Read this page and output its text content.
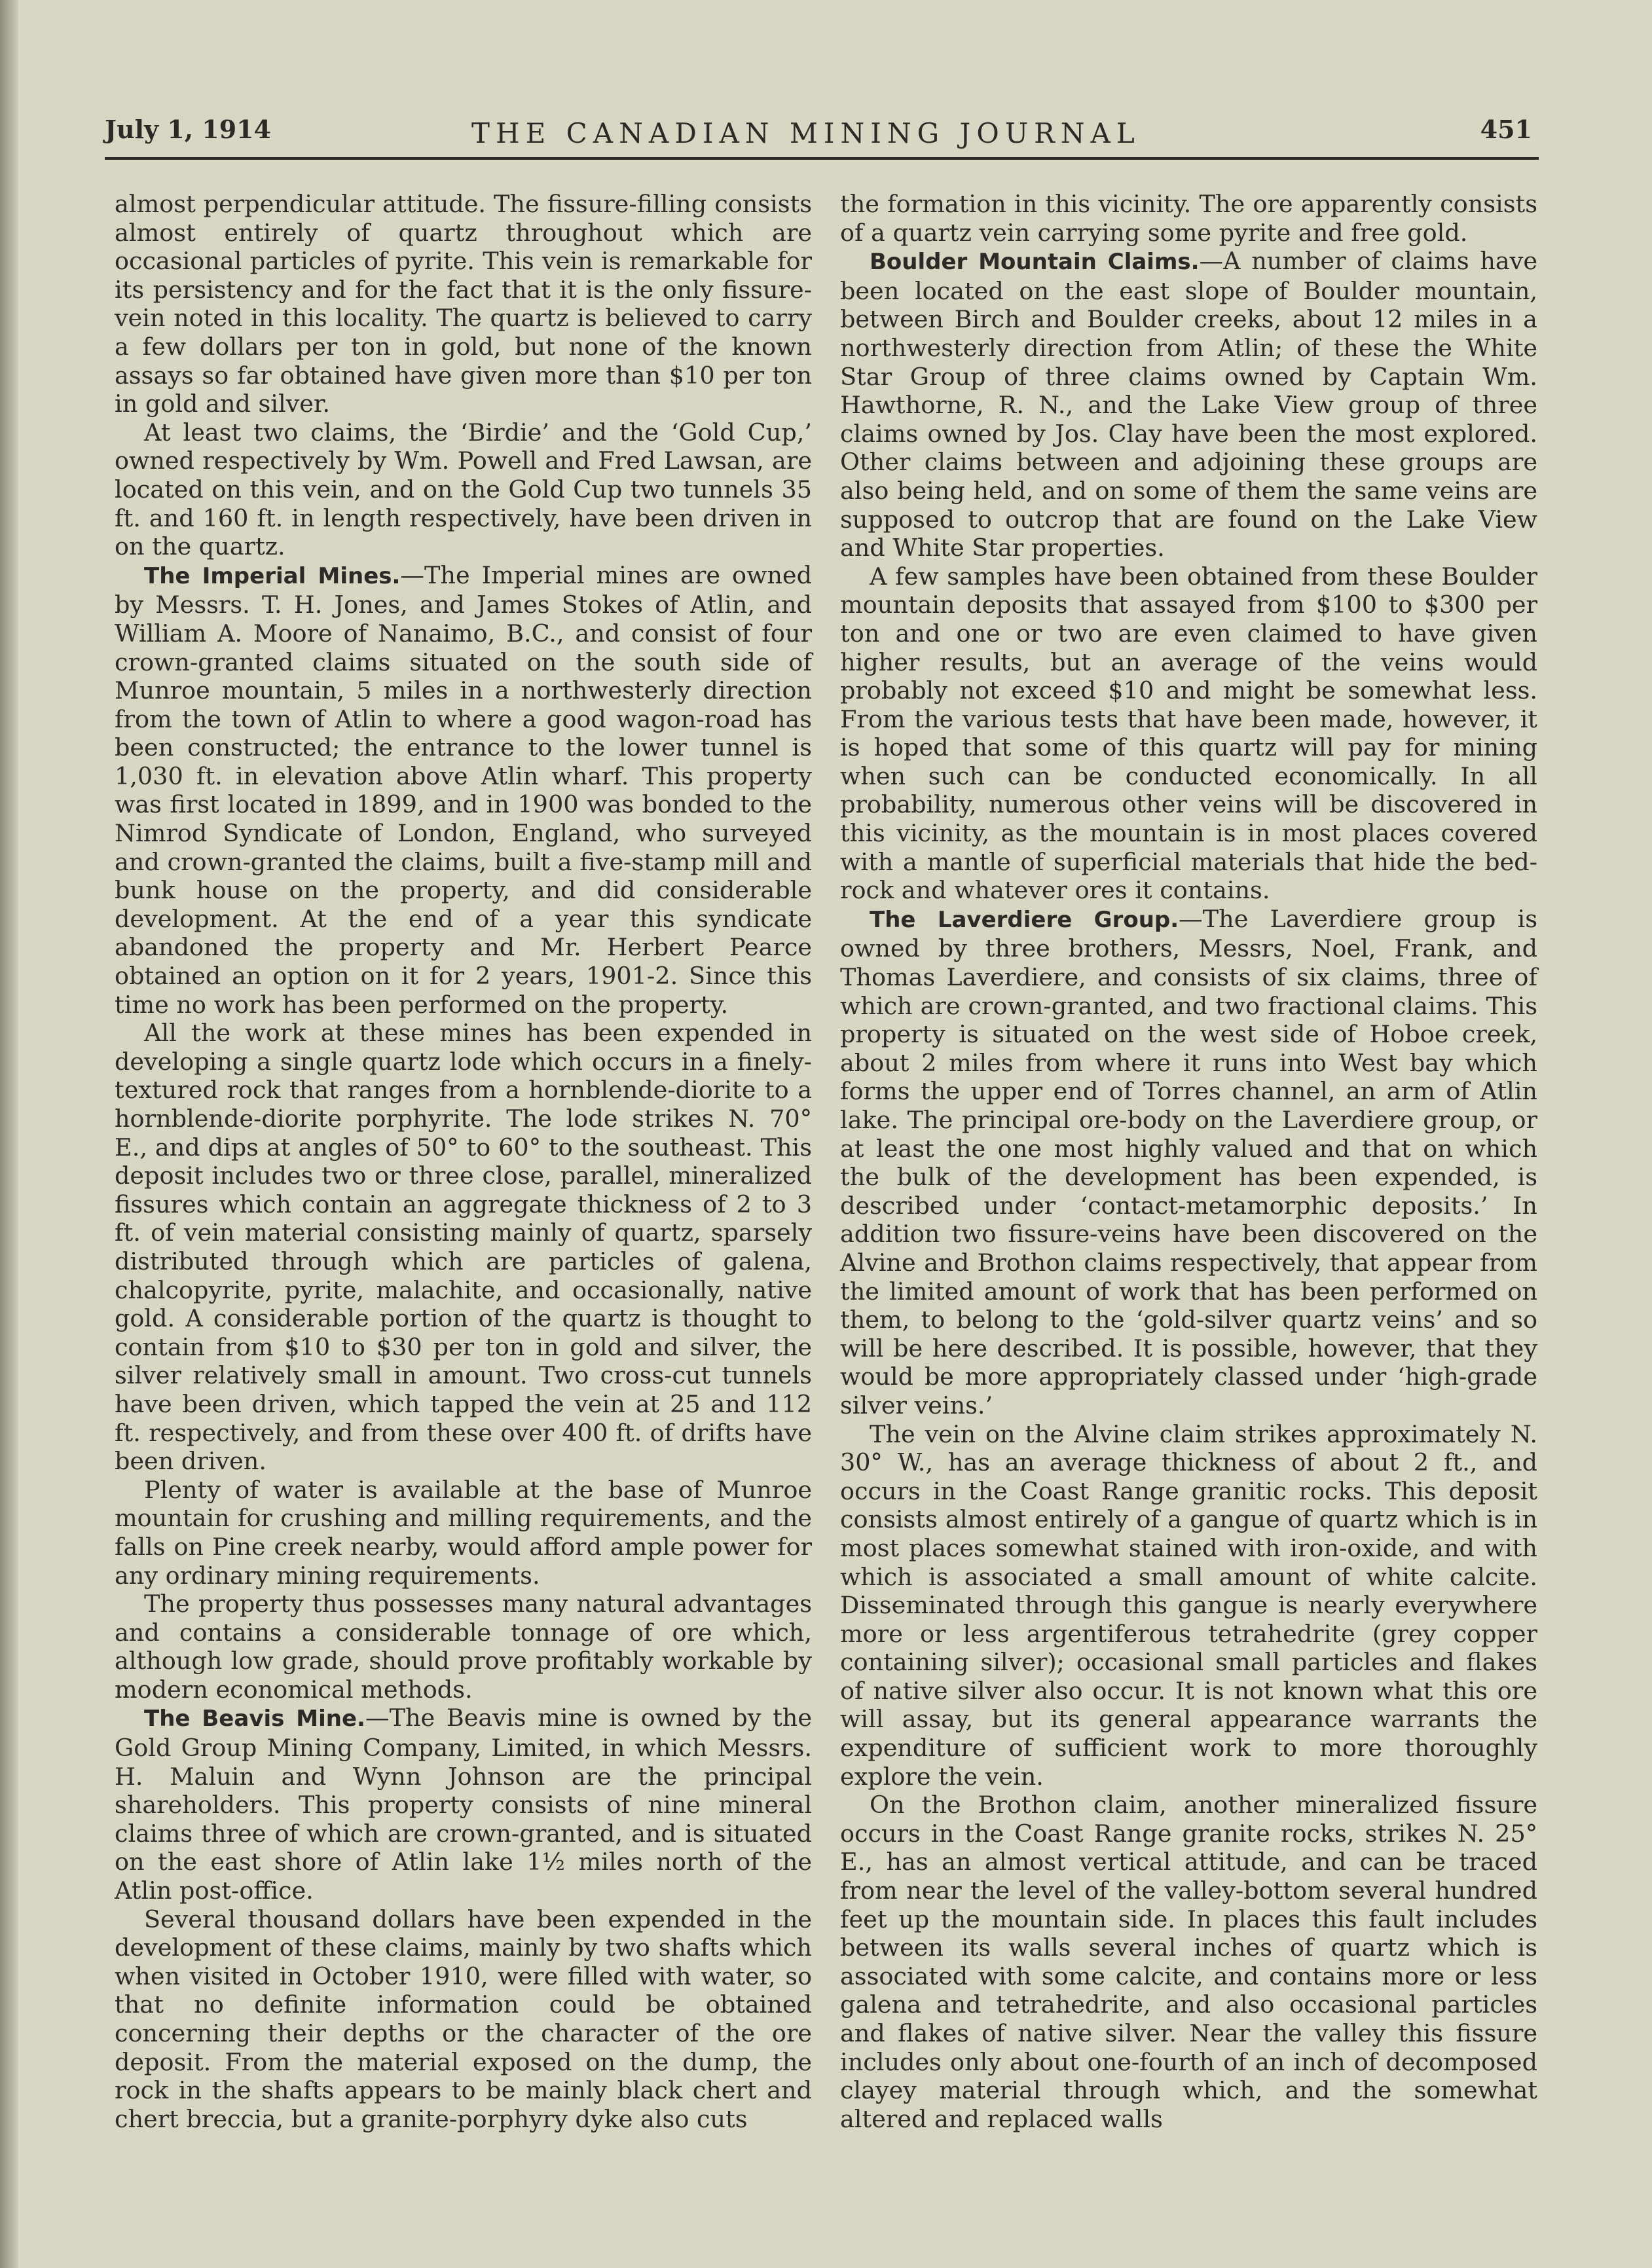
July 1, 1914	THE CANADIAN MINING JOURNAL	451

almost perpendicular attitude. The fissure-filling consists almost entirely of quartz throughout which are occasional particles of pyrite. This vein is remarkable for its persistency and for the fact that it is the only fissure-vein noted in this locality. The quartz is believed to carry a few dollars per ton in gold, but none of the known assays so far obtained have given more than $10 per ton in gold and silver.

At least two claims, the ‘Birdie’ and the ‘Gold Cup,’ owned respectively by Wm. Powell and Fred Lawsan, are located on this vein, and on the Gold Cup two tunnels 35 ft. and 160 ft. in length respectively, have been driven in on the quartz.

The Imperial Mines.—The Imperial mines are owned by Messrs. T. H. Jones, and James Stokes of Atlin, and William A. Moore of Nanaimo, B.C., and consist of four crown-granted claims situated on the south side of Munroe mountain, 5 miles in a northwesterly direction from the town of Atlin to where a good wagon-road has been constructed; the entrance to the lower tunnel is 1,030 ft. in elevation above Atlin wharf. This property was first located in 1899, and in 1900 was bonded to the Nimrod Syndicate of London, England, who surveyed and crown-granted the claims, built a five-stamp mill and bunk house on the property, and did considerable development. At the end of a year this syndicate abandoned the property and Mr. Herbert Pearce obtained an option on it for 2 years, 1901-2. Since this time no work has been performed on the property.

All the work at these mines has been expended in developing a single quartz lode which occurs in a finely-textured rock that ranges from a hornblende-diorite to a hornblende-diorite porphyrite. The lode strikes N. 70° E., and dips at angles of 50° to 60° to the southeast. This deposit includes two or three close, parallel, mineralized fissures which contain an aggregate thickness of 2 to 3 ft. of vein material consisting mainly of quartz, sparsely distributed through which are particles of galena, chalcopyrite, pyrite, malachite, and occasionally, native gold. A considerable portion of the quartz is thought to contain from $10 to $30 per ton in gold and silver, the silver relatively small in amount. Two cross-cut tunnels have been driven, which tapped the vein at 25 and 112 ft. respectively, and from these over 400 ft. of drifts have been driven.

Plenty of water is available at the base of Munroe mountain for crushing and milling requirements, and the falls on Pine creek nearby, would afford ample power for any ordinary mining requirements.

The property thus possesses many natural advantages and contains a considerable tonnage of ore which, although low grade, should prove profitably workable by modern economical methods.

The Beavis Mine.—The Beavis mine is owned by the Gold Group Mining Company, Limited, in which Messrs. H. Maluin and Wynn Johnson are the principal shareholders. This property consists of nine mineral claims three of which are crown-granted, and is situated on the east shore of Atlin lake 1½ miles north of the Atlin post-office.

Several thousand dollars have been expended in the development of these claims, mainly by two shafts which when visited in October 1910, were filled with water, so that no definite information could be obtained concerning their depths or the character of the ore deposit. From the material exposed on the dump, the rock in the shafts appears to be mainly black chert and chert breccia, but a granite-porphyry dyke also cuts

the formation in this vicinity. The ore apparently consists of a quartz vein carrying some pyrite and free gold.

Boulder Mountain Claims.—A number of claims have been located on the east slope of Boulder mountain, between Birch and Boulder creeks, about 12 miles in a northwesterly direction from Atlin; of these the White Star Group of three claims owned by Captain Wm. Hawthorne, R. N., and the Lake View group of three claims owned by Jos. Clay have been the most explored. Other claims between and adjoining these groups are also being held, and on some of them the same veins are supposed to outcrop that are found on the Lake View and White Star properties.

A few samples have been obtained from these Boulder mountain deposits that assayed from $100 to $300 per ton and one or two are even claimed to have given higher results, but an average of the veins would probably not exceed $10 and might be somewhat less. From the various tests that have been made, however, it is hoped that some of this quartz will pay for mining when such can be conducted economically. In all probability, numerous other veins will be discovered in this vicinity, as the mountain is in most places covered with a mantle of superficial materials that hide the bed-rock and whatever ores it contains.

The Laverdiere Group.—The Laverdiere group is owned by three brothers, Messrs, Noel, Frank, and Thomas Laverdiere, and consists of six claims, three of which are crown-granted, and two fractional claims. This property is situated on the west side of Hoboe creek, about 2 miles from where it runs into West bay which forms the upper end of Torres channel, an arm of Atlin lake. The principal ore-body on the Laverdiere group, or at least the one most highly valued and that on which the bulk of the development has been expended, is described under ‘contact-metamorphic deposits.’ In addition two fissure-veins have been discovered on the Alvine and Brothon claims respectively, that appear from the limited amount of work that has been performed on them, to belong to the ‘gold-silver quartz veins’ and so will be here described. It is possible, however, that they would be more appropriately classed under ‘high-grade silver veins.’

The vein on the Alvine claim strikes approximately N. 30° W., has an average thickness of about 2 ft., and occurs in the Coast Range granitic rocks. This deposit consists almost entirely of a gangue of quartz which is in most places somewhat stained with iron-oxide, and with which is associated a small amount of white calcite. Disseminated through this gangue is nearly everywhere more or less argentiferous tetrahedrite (grey copper containing silver); occasional small particles and flakes of native silver also occur. It is not known what this ore will assay, but its general appearance warrants the expenditure of sufficient work to more thoroughly explore the vein.

On the Brothon claim, another mineralized fissure occurs in the Coast Range granite rocks, strikes N. 25° E., has an almost vertical attitude, and can be traced from near the level of the valley-bottom several hundred feet up the mountain side. In places this fault includes between its walls several inches of quartz which is associated with some calcite, and contains more or less galena and tetrahedrite, and also occasional particles and flakes of native silver. Near the valley this fissure includes only about one-fourth of an inch of decomposed clayey material through which, and the somewhat altered and replaced walls
